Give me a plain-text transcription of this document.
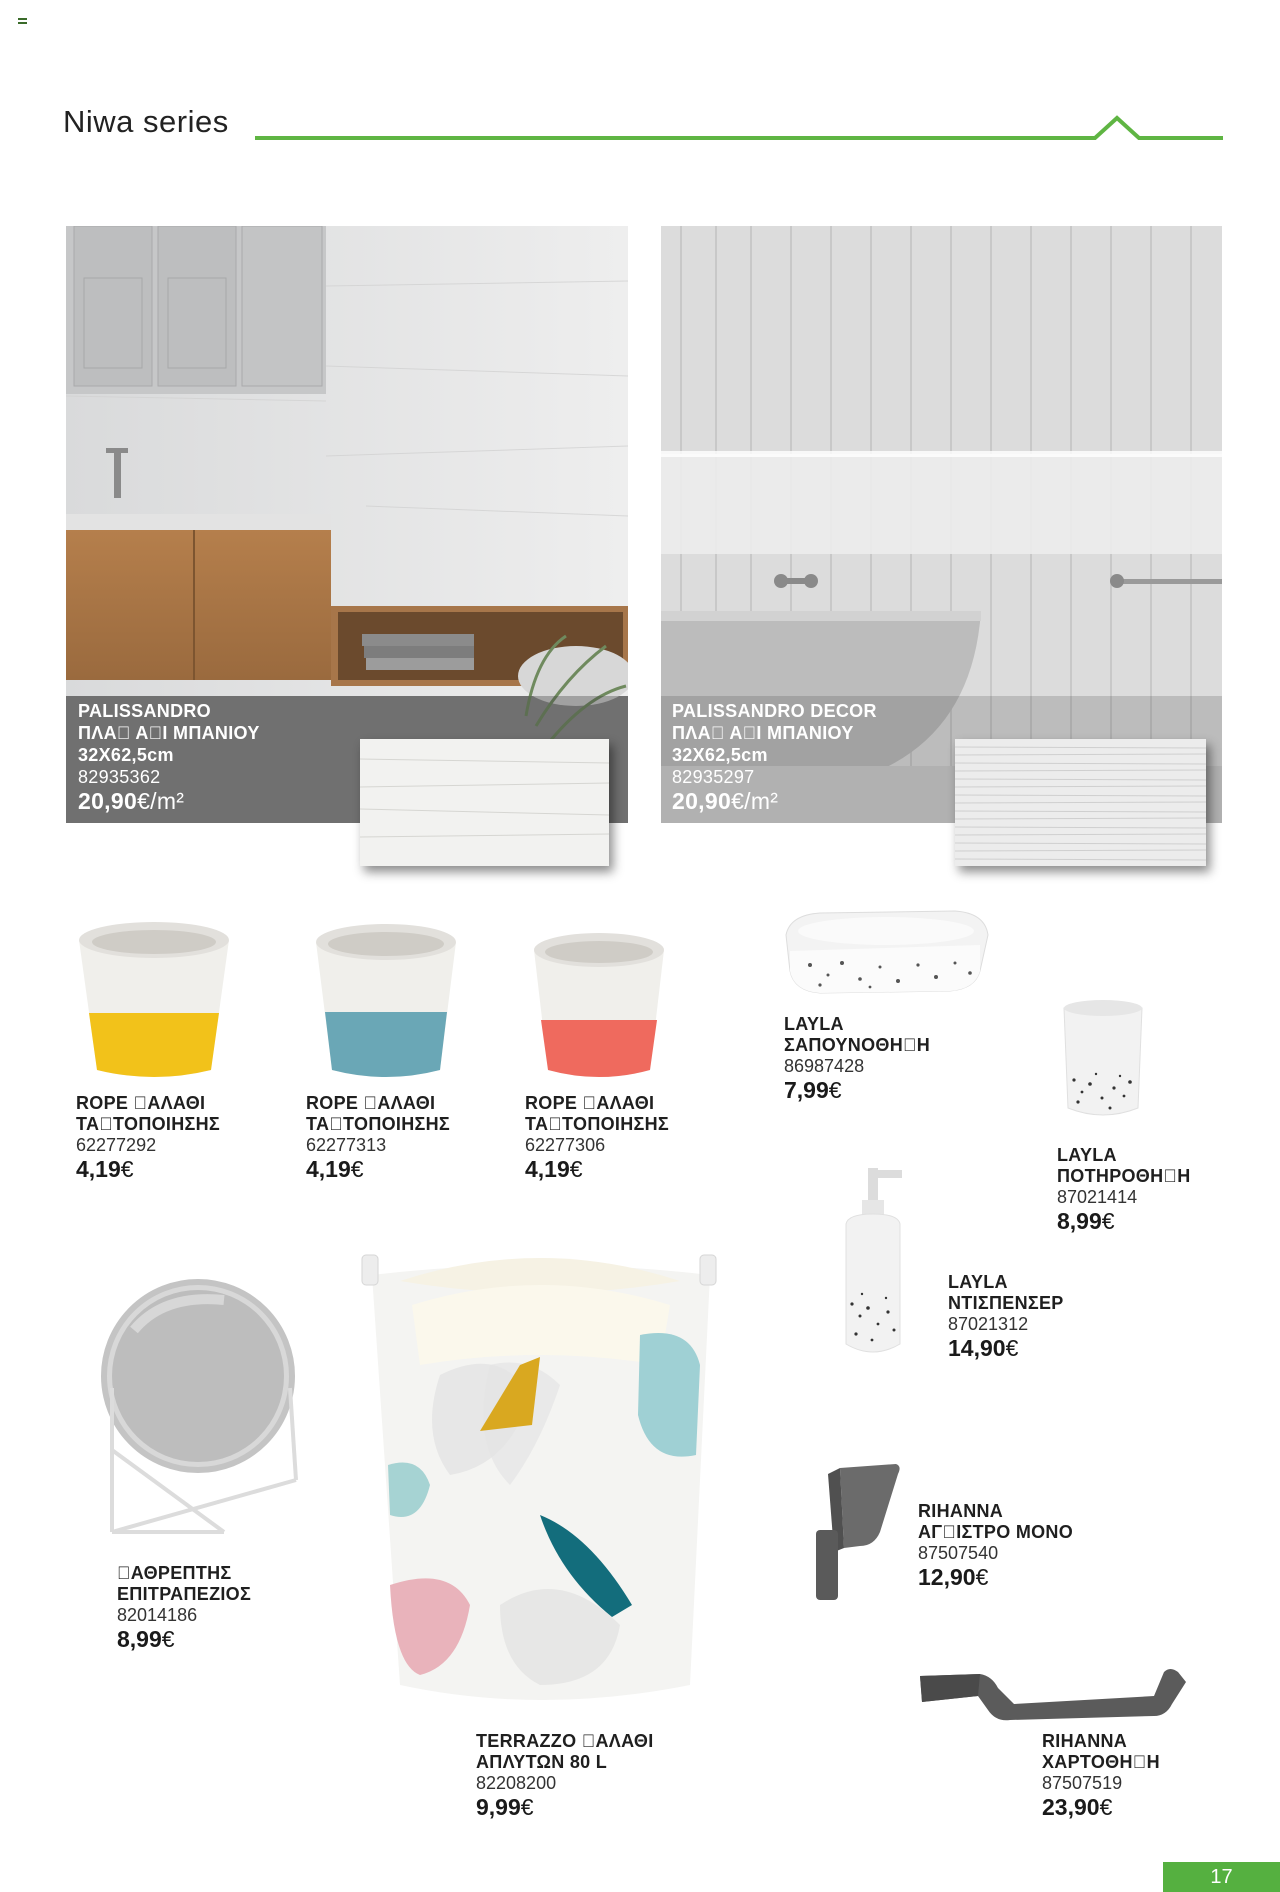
Niwa series
PALISSANDRO
ΠΛΑ  Α Ι ΜΠΑΝΙΟΥ
32X62,5cm
82935362
20,90€/m²
PALISSANDRO DECOR
ΠΛΑ  Α Ι ΜΠΑΝΙΟΥ
32X62,5cm
82935297
20,90€/m²
ROPE  ΑΛΑΘΙ
ΤΑ ΤΟΠΟΙΗΣΗΣ
62277292
4,19€
ROPE  ΑΛΑΘΙ
ΤΑ ΤΟΠΟΙΗΣΗΣ
62277313
4,19€
ROPE  ΑΛΑΘΙ
ΤΑ ΤΟΠΟΙΗΣΗΣ
62277306
4,19€
LAYLA
ΣΑΠΟΥΝΟΘΗ Η
86987428
7,99€
LAYLA
ΠΟΤΗΡΟΘΗ Η
87021414
8,99€
LAYLA
ΝΤΙΣΠΕΝΣΕΡ
87021312
14,90€
 ΑΘΡΕΠΤΗΣ
ΕΠΙΤΡΑΠΕΖΙΟΣ
82014186
8,99€
TERRAZZO  ΑΛΑΘΙ
ΑΠΛΥΤΩΝ 80 L
82208200
9,99€
RIHANNA
ΑΓ ΙΣΤΡΟ ΜΟΝΟ
87507540
12,90€
RIHANNA
ΧΑΡΤΟΘΗ Η
87507519
23,90€
17
